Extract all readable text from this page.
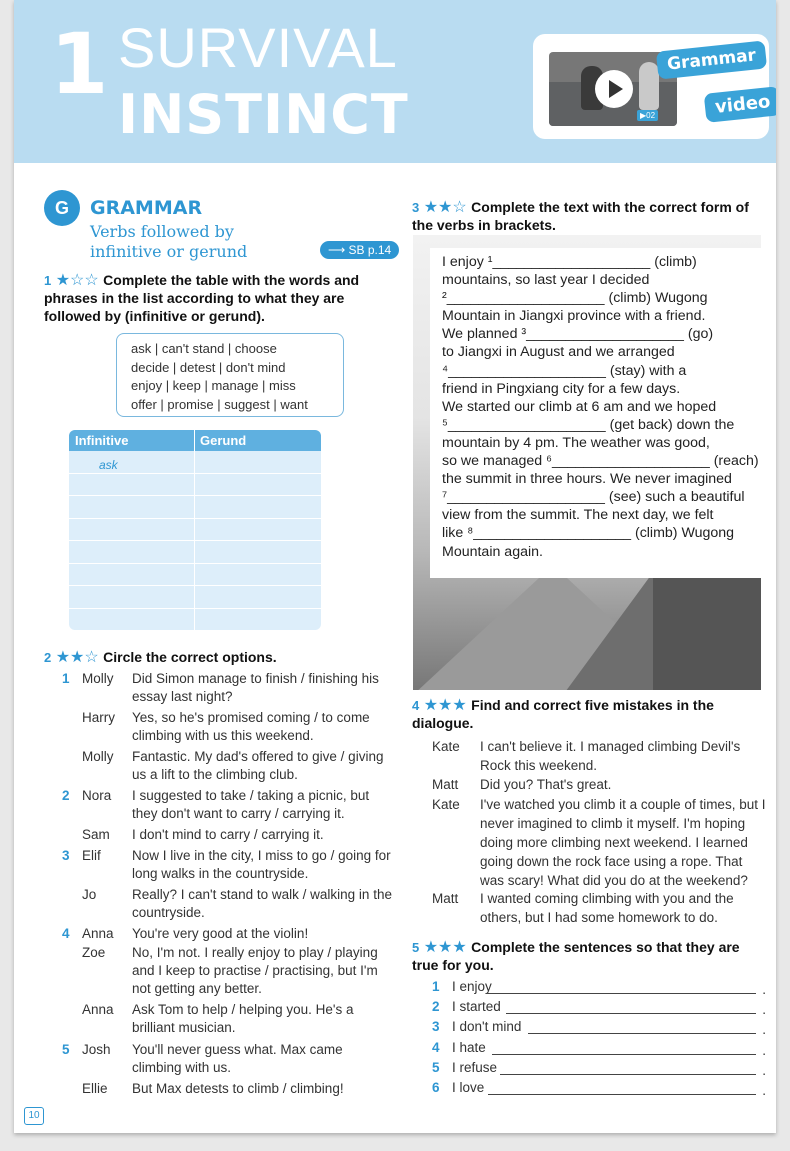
1 SURVIVAL
INSTINCT	▶02
Grammar
video
G	GRAMMAR
Verbs followed by infinitive or gerund	⟶ SB p.14
1 ★☆☆ Complete the table with the words and phrases in the list according to what they are followed by (infinitive or gerund).
ask | can't stand | choose
decide | detest | don't mind
enjoy | keep | manage | miss
offer | promise | suggest | want
Infinitive	Gerund
ask
2 ★★☆ Circle the correct options.
1 Molly Did Simon manage to finish / finishing his essay last night?
Harry Yes, so he's promised coming / to come climbing with us this weekend.
Molly Fantastic. My dad's offered to give / giving us a lift to the climbing club.
2 Nora I suggested to take / taking a picnic, but they don't want to carry / carrying it.
Sam I don't mind to carry / carrying it.
3 Elif Now I live in the city, I miss to go / going for long walks in the countryside.
Jo	Really? I can't stand to walk / walking in the countryside.
4 Anna You're very good at the violin!
Zoe No, I'm not. I really enjoy to play / playing and I keep to practise / practising, but I'm not getting any better.
Anna Ask Tom to help / helping you. He's a brilliant musician.
5 Josh You'll never guess what. Max came climbing with us.
Ellie But Max detests to climb / climbing!
3 ★★☆ Complete the text with the correct form of the verbs in brackets.

I enjoy ¹____________________ (climb)

mountains, so last year I decided

²____________________ (climb) Wugong

Mountain in Jiangxi province with a friend.

We planned ³____________________ (go)

to Jiangxi in August and we arranged

⁴____________________ (stay) with a

friend in Pingxiang city for a few days.

We started our climb at 6 am and we hoped

⁵____________________ (get back) down the

mountain by 4 pm. The weather was good,

so we managed ⁶____________________ (reach)

the summit in three hours. We never imagined

⁷____________________ (see) such a beautiful

view from the summit. The next day, we felt

like ⁸____________________ (climb) Wugong

Mountain again.

4 ★★★ Find and correct five mistakes in the dialogue.
Kate I can't believe it. I managed climbing Devil's Rock this weekend.
Matt Did you? That's great.
Kate I've watched you climb it a couple of times, but I never imagined to climb it myself. I'm hoping doing more climbing next weekend. I learned going down the rock face using a rope. That was scary! What did you do at the weekend?
Matt I wanted coming climbing with you and the others, but I had some homework to do.
5 ★★★ Complete the sentences so that they are true for you.
1 I enjoy	.
2 I started	.
3 I don't mind	.
4 I hate	.
5 I refuse	.
6 I love	.
10
